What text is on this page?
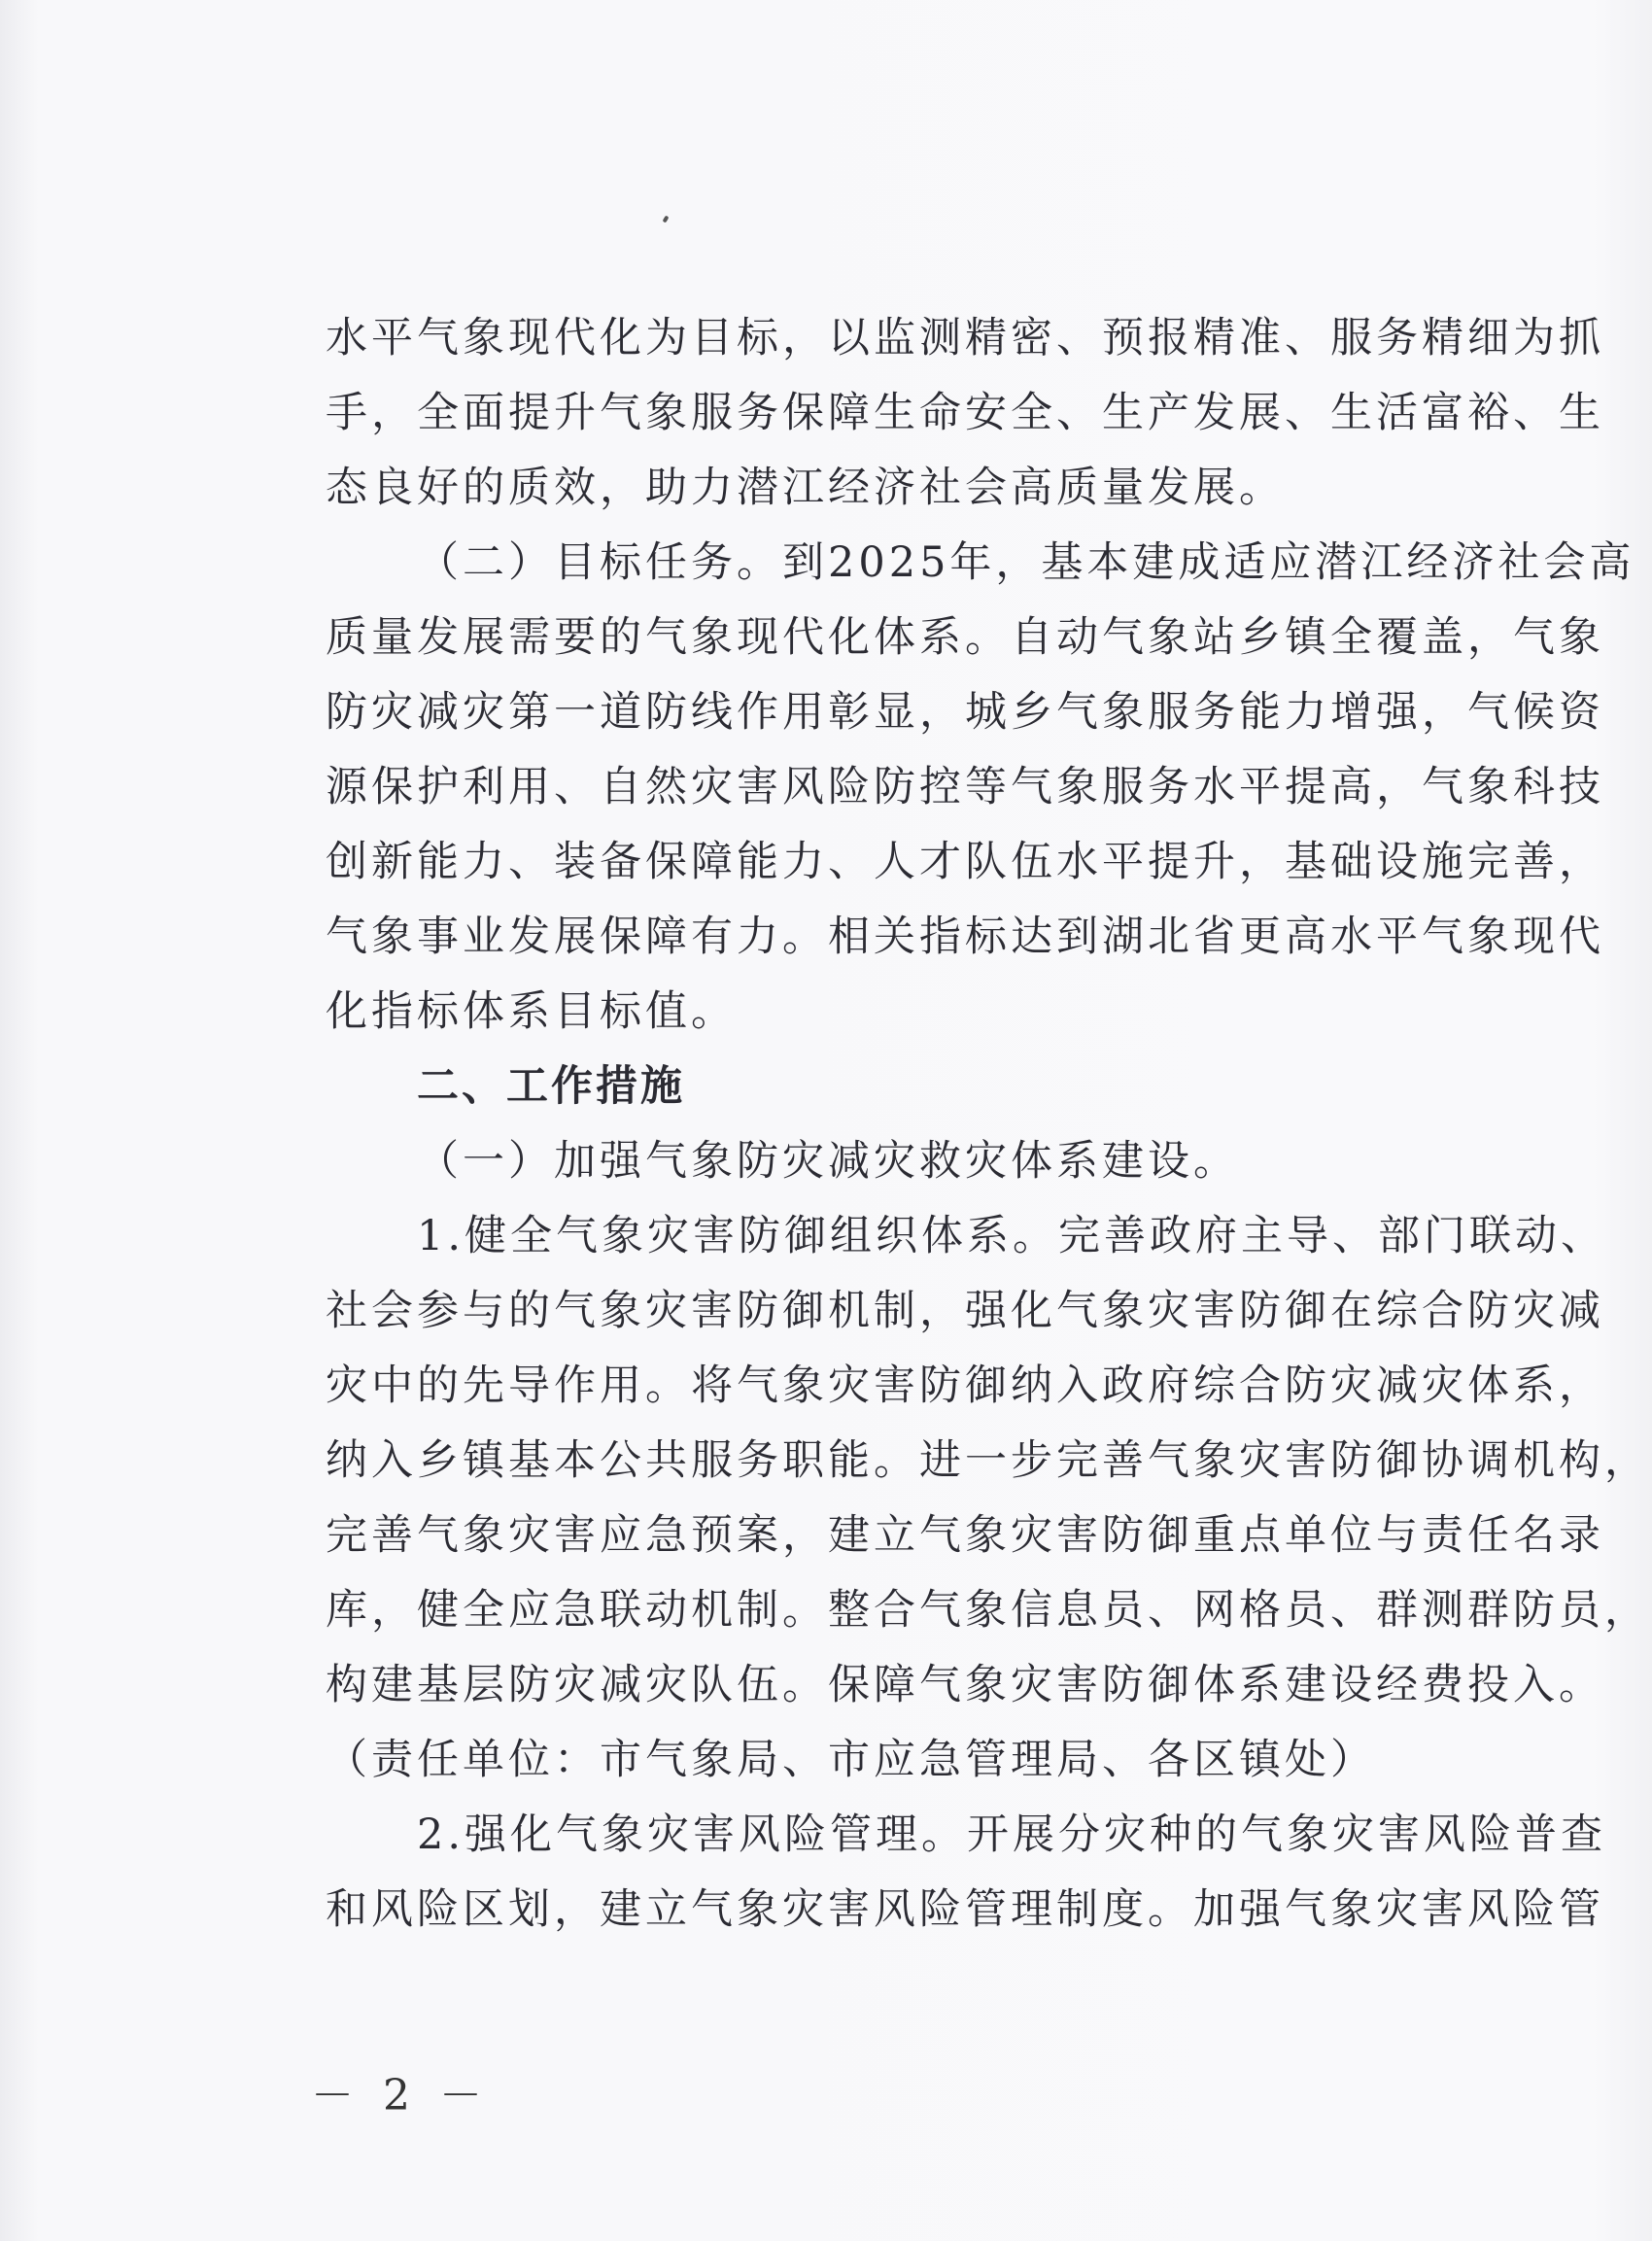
水平气象现代化为目标，以监测精密、预报精准、服务精细为抓
手，全面提升气象服务保障生命安全、生产发展、生活富裕、生
态良好的质效，助力潜江经济社会高质量发展。
（二）目标任务。到2025年，基本建成适应潜江经济社会高
质量发展需要的气象现代化体系。自动气象站乡镇全覆盖，气象
防灾减灾第一道防线作用彰显，城乡气象服务能力增强，气候资
源保护利用、自然灾害风险防控等气象服务水平提高，气象科技
创新能力、装备保障能力、人才队伍水平提升，基础设施完善，
气象事业发展保障有力。相关指标达到湖北省更高水平气象现代
化指标体系目标值。
二、工作措施
（一）加强气象防灾减灾救灾体系建设。
1.健全气象灾害防御组织体系。完善政府主导、部门联动、
社会参与的气象灾害防御机制，强化气象灾害防御在综合防灾减
灾中的先导作用。将气象灾害防御纳入政府综合防灾减灾体系，
纳入乡镇基本公共服务职能。进一步完善气象灾害防御协调机构，
完善气象灾害应急预案，建立气象灾害防御重点单位与责任名录
库，健全应急联动机制。整合气象信息员、网格员、群测群防员，
构建基层防灾减灾队伍。保障气象灾害防御体系建设经费投入。
（责任单位：市气象局、市应急管理局、各区镇处）
2.强化气象灾害风险管理。开展分灾种的气象灾害风险普查
和风险区划，建立气象灾害风险管理制度。加强气象灾害风险管
－ 2 －
